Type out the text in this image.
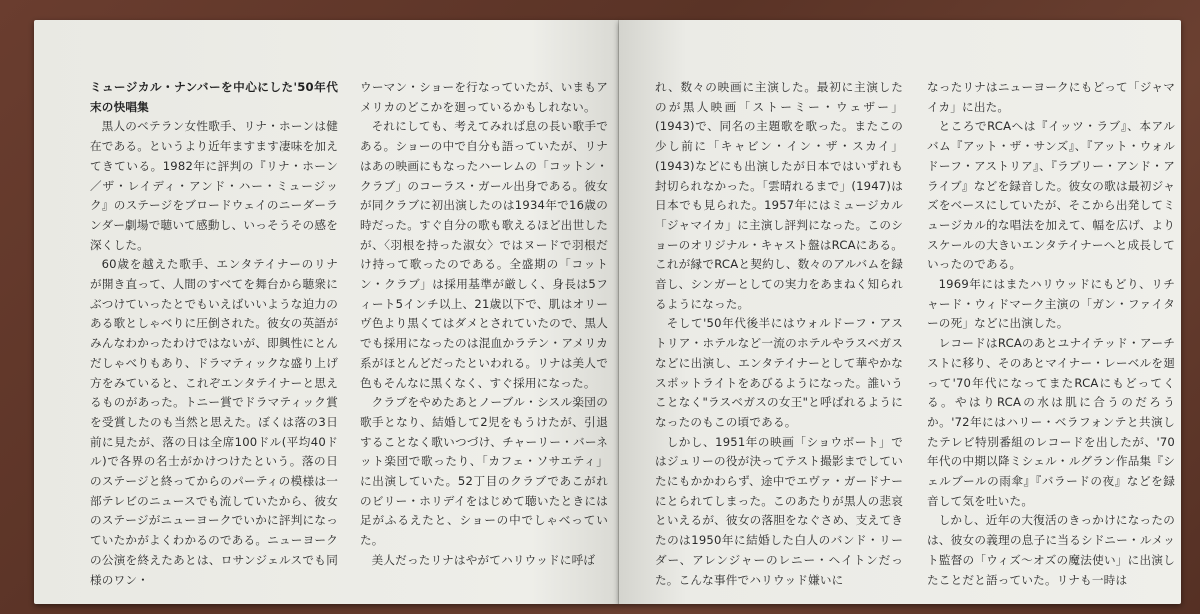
ミュージカル・ナンバーを中心にした'50年代末の快唱集

黒人のベテラン女性歌手、リナ・ホーンは健在である。というより近年ますます凄味を加えてきている。1982年に評判の『リナ・ホーン／ザ・レイディ・アンド・ハー・ミュージック』のステージをブロードウェイのニーダーランダー劇場で聴いて感動し、いっそうその感を深くした。

60歳を越えた歌手、エンタテイナーのリナが開き直って、人間のすべてを舞台から聴衆にぶつけていったとでもいえばいいような迫力のある歌としゃべりに圧倒された。彼女の英語がみんなわかったわけではないが、即興性にとんだしゃべりもあり、ドラマティックな盛り上げ方をみていると、これぞエンタテイナーと思えるものがあった。トニー賞でドラマティック賞を受賞したのも当然と思えた。ぼくは落の3日前に見たが、落の日は全席100ドル(平均40ドル)で各界の名士がかけつけたという。落の日のステージと終ってからのパーティの模様は一部テレビのニュースでも流していたから、彼女のステージがニューヨークでいかに評判になっていたかがよくわかるのである。ニューヨークの公演を終えたあとは、ロサンジェルスでも同様のワン・

ウーマン・ショーを行なっていたが、いまもアメリカのどこかを廻っているかもしれない。

それにしても、考えてみれば息の長い歌手である。ショーの中で自分も語っていたが、リナはあの映画にもなったハーレムの「コットン・クラブ」のコーラス・ガール出身である。彼女が同クラブに初出演したのは1934年で16歳の時だった。すぐ自分の歌も歌えるほど出世したが、〈羽根を持った淑女〉ではヌードで羽根だけ持って歌ったのである。全盛期の「コットン・クラブ」は採用基準が厳しく、身長は5フィート5インチ以上、21歳以下で、肌はオリーヴ色より黒くてはダメとされていたので、黒人でも採用になったのは混血かラテン・アメリカ系がほとんどだったといわれる。リナは美人で色もそんなに黒くなく、すぐ採用になった。

クラブをやめたあとノーブル・シスル楽団の歌手となり、結婚して2児をもうけたが、引退することなく歌いつづけ、チャーリー・バーネット楽団で歌ったり、「カフェ・ソサエティ」に出演していた。52丁目のクラブであこがれのビリー・ホリデイをはじめて聴いたときには足がふるえたと、ショーの中でしゃべっていた。

美人だったリナはやがてハリウッドに呼ば

れ、数々の映画に主演した。最初に主演したのが黒人映画「ストーミー・ウェザー」(1943)で、同名の主題歌を歌った。またこの少し前に「キャビン・イン・ザ・スカイ」(1943)などにも出演したが日本ではいずれも封切られなかった。「雲晴れるまで」(1947)は日本でも見られた。1957年にはミュージカル「ジャマイカ」に主演し評判になった。このショーのオリジナル・キャスト盤はRCAにある。これが縁でRCAと契約し、数々のアルバムを録音し、シンガーとしての実力をあまねく知られるようになった。

そして'50年代後半にはウォルドーフ・アストリア・ホテルなど一流のホテルやラスベガスなどに出演し、エンタテイナーとして華やかなスポットライトをあびるようになった。誰いうことなく"ラスベガスの女王"と呼ばれるようになったのもこの頃である。

しかし、1951年の映画「ショウボート」ではジュリーの役が決ってテスト撮影までしていたにもかかわらず、途中でエヴァ・ガードナーにとられてしまった。このあたりが黒人の悲哀といえるが、彼女の落胆をなぐさめ、支えてきたのは1950年に結婚した白人のバンド・リーダー、アレンジャーのレニー・ヘイトンだった。こんな事件でハリウッド嫌いに

なったリナはニューヨークにもどって「ジャマイカ」に出た。

ところでRCAへは『イッツ・ラブ』、本アルバム『アット・ザ・サンズ』、『アット・ウォルドーフ・アストリア』、『ラブリー・アンド・アライブ』などを録音した。彼女の歌は最初ジャズをベースにしていたが、そこから出発してミュージカル的な唱法を加えて、幅を広げ、よりスケールの大きいエンタテイナーへと成長していったのである。

1969年にはまたハリウッドにもどり、リチャード・ウィドマーク主演の「ガン・ファイターの死」などに出演した。

レコードはRCAのあとユナイテッド・アーチストに移り、そのあとマイナー・レーベルを廻って'70年代になってまたRCAにもどってくる。やはりRCAの水は肌に合うのだろうか。'72年にはハリー・ベラフォンテと共演したテレビ特別番組のレコードを出したが、'70年代の中期以降ミシェル・ルグラン作品集『シェルブールの雨傘』『バラードの夜』などを録音して気を吐いた。

しかし、近年の大復活のきっかけになったのは、彼女の義理の息子に当るシドニー・ルメット監督の「ウィズ～オズの魔法使い」に出演したことだと語っていた。リナも一時は
